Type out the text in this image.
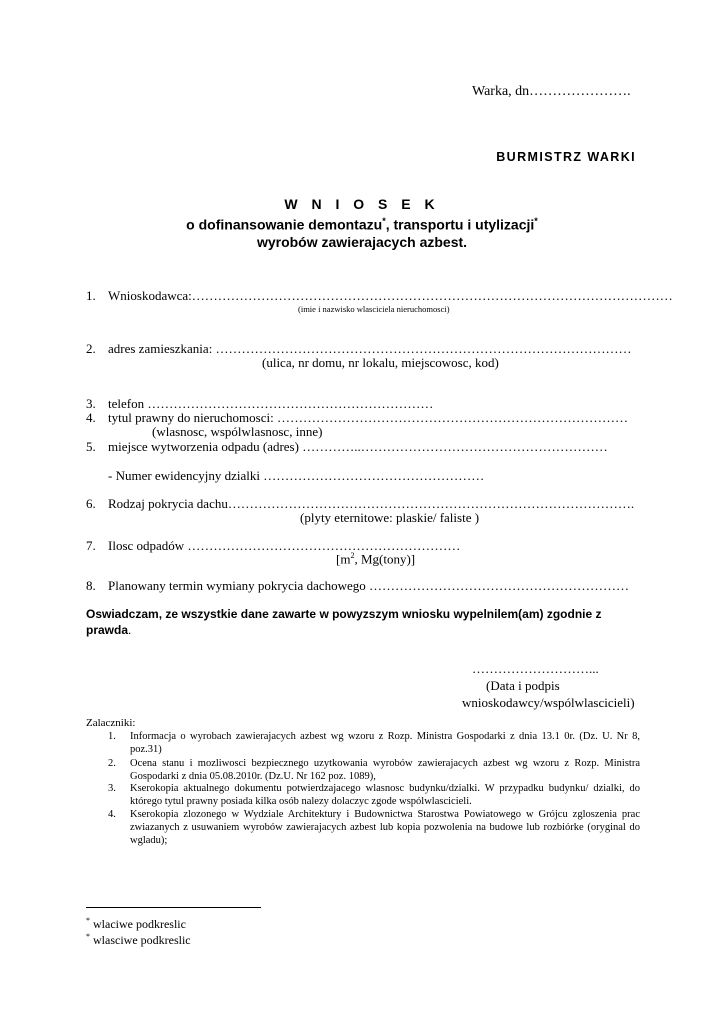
Warka, dn………………….
BURMISTRZ WARKI
W N I O S E K
o dofinansowanie demontazu*, transportu i utylizacji*
wyrobów zawierajacych azbest.
1. Wnioskodawca:…………………………………………………………………………………………………
(imie i nazwisko wlasciciela nieruchomosci)
2. adres zamieszkania: ……………………………………………………………………………………
(ulica, nr domu, nr lokalu, miejscowosc, kod)
3. telefon …………………………………………………………
4. tytul prawny do nieruchomosci: ………………………………………………………………………
(wlasnosc, wspólwlasnosc, inne)
5. miejsce wytworzenia odpadu (adres) …………..…………………………………………………
- Numer ewidencyjny dzialki ……………………………………………
6. Rodzaj pokrycia dachu………………………………………………………………………………….
(plyty eternitowe: plaskie/ faliste )
7. Ilosc odpadów ………………………………………………………
[$m^2$, Mg(tony)]
8. Planowany termin wymiany pokrycia dachowego ……………………………………………………
Oswiadczam, ze wszystkie dane zawarte w powyzszym wniosku wypelnilem(am) zgodnie z prawda.
………………………...
(Data i podpis
wnioskodawcy/wspólwlascicieli)
Zalaczniki:
1. Informacja o wyrobach zawierajacych azbest wg wzoru z Rozp. Ministra Gospodarki z dnia 13.1 0r. (Dz. U. Nr 8, poz.31)
2. Ocena stanu i mozliwosci bezpiecznego uzytkowania wyrobów zawierajacych azbest wg wzoru z Rozp. Ministra Gospodarki z dnia 05.08.2010r. (Dz.U. Nr 162 poz. 1089),
3. Kserokopia aktualnego dokumentu potwierdzajacego wlasnosc budynku/dzialki. W przypadku budynku/ dzialki, do którego tytul prawny posiada kilka osób nalezy dolaczyc zgode wspólwlascicieli.
4. Kserokopia zlozonego w Wydziale Architektury i Budownictwa Starostwa Powiatowego w Grójcu zgloszenia prac zwiazanych z usuwaniem wyrobów zawierajacych azbest lub kopia pozwolenia na budowe lub rozbiórke (oryginal do wgladu);
* wlaciwe podkreslic
* wlasciwe podkreslic
